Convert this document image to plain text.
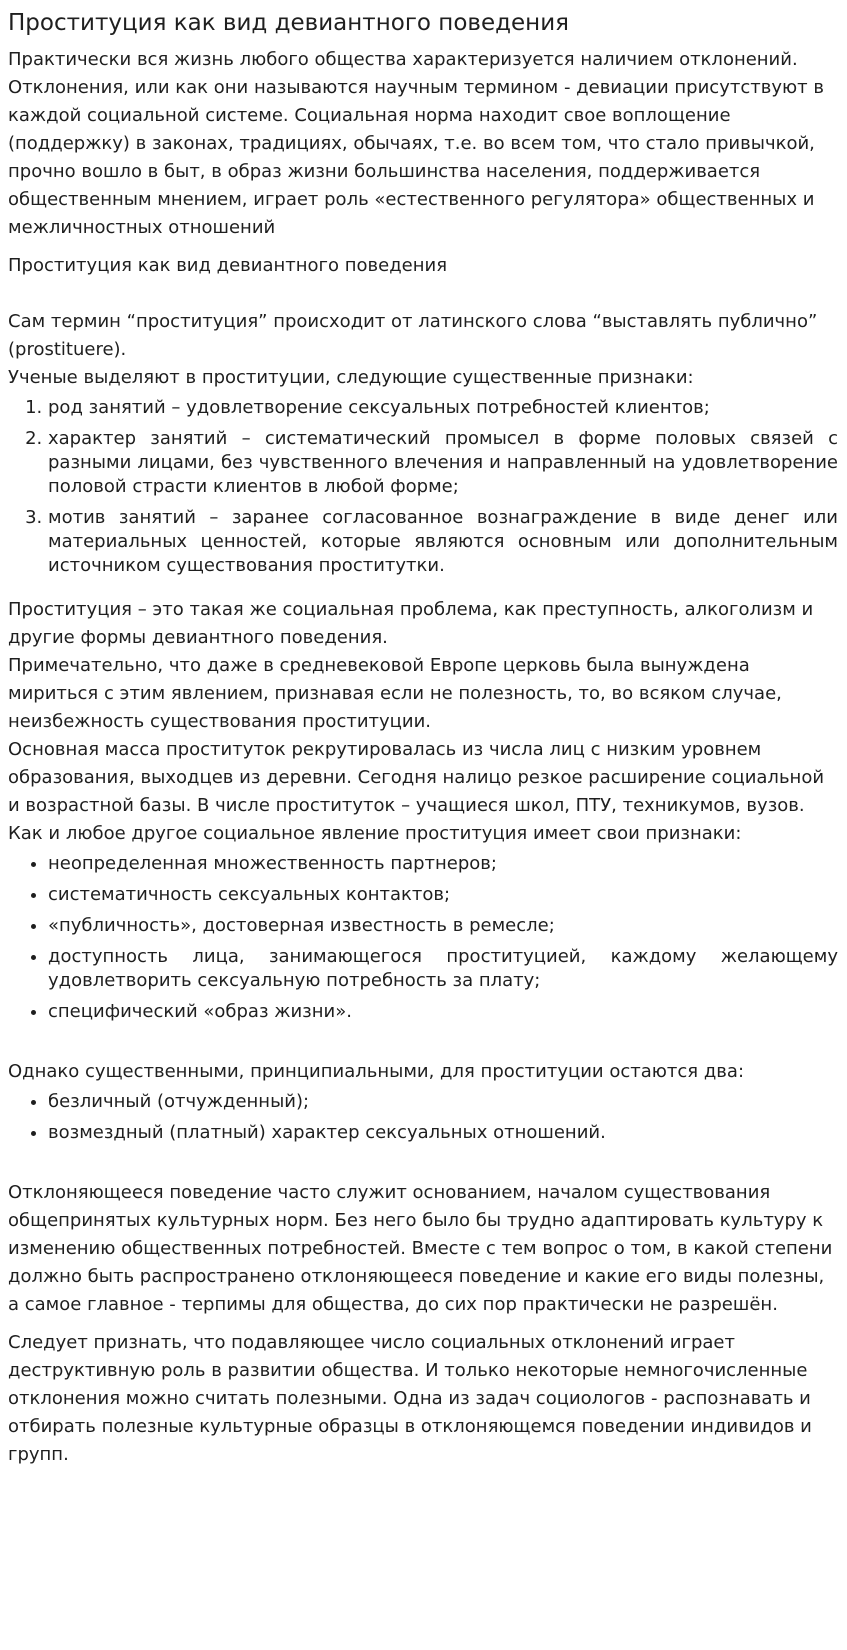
Проституция как вид девиантного поведения

Практически вся жизнь любого общества характеризуется наличием отклонений. Отклонения, или как они называются научным термином - девиации присутствуют в каждой социальной системе. Социальная норма находит свое воплощение (поддержку) в законах, традициях, обычаях, т.е. во всем том, что стало привычкой, прочно вошло в быт, в образ жизни большинства населения, поддерживается общественным мнением, играет роль «естественного регулятора» общественных и межличностных отношений

Проституция как вид девиантного поведения

Сам термин “проституция” происходит от латинского слова “выставлять публично” (prostituere).

Ученые выделяют в проституции, следующие существенные признаки:

1. род занятий – удовлетворение сексуальных потребностей клиентов;
2. характер занятий – систематический промысел в форме половых связей с разными лицами, без чувственного влечения и направленный на удовлетворение половой страсти клиентов в любой форме;
3. мотив занятий – заранее согласованное вознаграждение в виде денег или материальных ценностей, которые являются основным или дополнительным источником существования проститутки.

Проституция – это такая же социальная проблема, как преступность, алкоголизм и другие формы девиантного поведения.

Примечательно, что даже в средневековой Европе церковь была вынуждена мириться с этим явлением, признавая если не полезность, то, во всяком случае, неизбежность существования проституции.

Основная масса проституток рекрутировалась из числа лиц с низким уровнем образования, выходцев из деревни. Сегодня налицо резкое расширение социальной и возрастной базы. В числе проституток – учащиеся школ, ПТУ, техникумов, вузов.

Как и любое другое социальное явление проституция имеет свои признаки:

• неопределенная множественность партнеров;
• систематичность сексуальных контактов;
• «публичность», достоверная известность в ремесле;
• доступность лица, занимающегося проституцией, каждому желающему удовлетворить сексуальную потребность за плату;
• специфический «образ жизни».

Однако существенными, принципиальными, для проституции остаются два:

• безличный (отчужденный);
• возмездный (платный) характер сексуальных отношений.

Отклоняющееся поведение часто служит основанием, началом существования общепринятых культурных норм. Без него было бы трудно адаптировать культуру к изменению общественных потребностей. Вместе с тем вопрос о том, в какой степени должно быть распространено отклоняющееся поведение и какие его виды полезны, а самое главное - терпимы для общества, до сих пор практически не разрешён.

Следует признать, что подавляющее число социальных отклонений играет деструктивную роль в развитии общества. И только некоторые немногочисленные отклонения можно считать полезными. Одна из задач социологов - распознавать и отбирать полезные культурные образцы в отклоняющемся поведении индивидов и групп.
